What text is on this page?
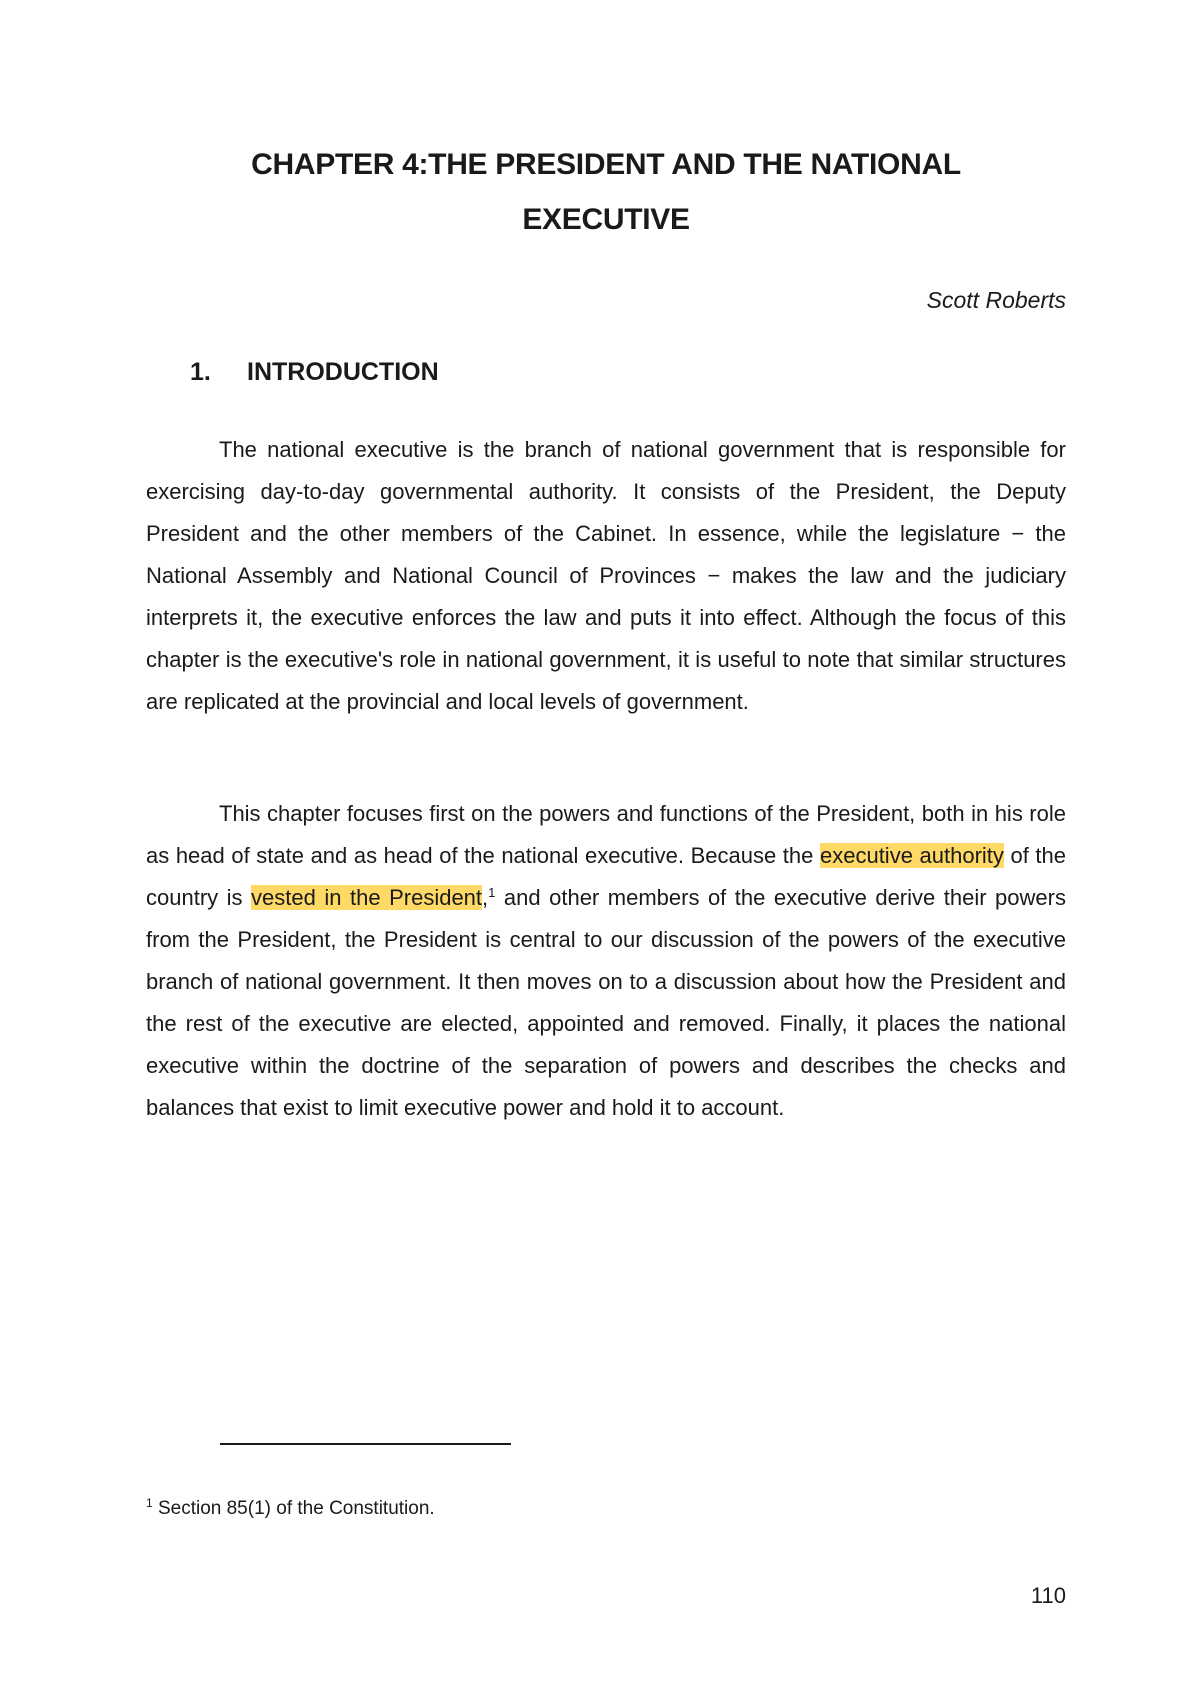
CHAPTER 4:THE PRESIDENT AND THE NATIONAL
EXECUTIVE
Scott Roberts
1. INTRODUCTION

The national executive is the branch of national government that is responsible for exercising day-to-day governmental authority. It consists of the President, the Deputy President and the other members of the Cabinet. In essence, while the legislature − the National Assembly and National Council of Provinces − makes the law and the judiciary interprets it, the executive enforces the law and puts it into effect. Although the focus of this chapter is the executive's role in national government, it is useful to note that similar structures are replicated at the provincial and local levels of government.

This chapter focuses first on the powers and functions of the President, both in his role as head of state and as head of the national executive. Because the executive authority of the country is vested in the President,$^1$ and other members of the executive derive their powers from the President, the President is central to our discussion of the powers of the executive branch of national government. It then moves on to a discussion about how the President and the rest of the executive are elected, appointed and removed. Finally, it places the national executive within the doctrine of the separation of powers and describes the checks and balances that exist to limit executive power and hold it to account.

$^1$ Section 85(1) of the Constitution.
110
